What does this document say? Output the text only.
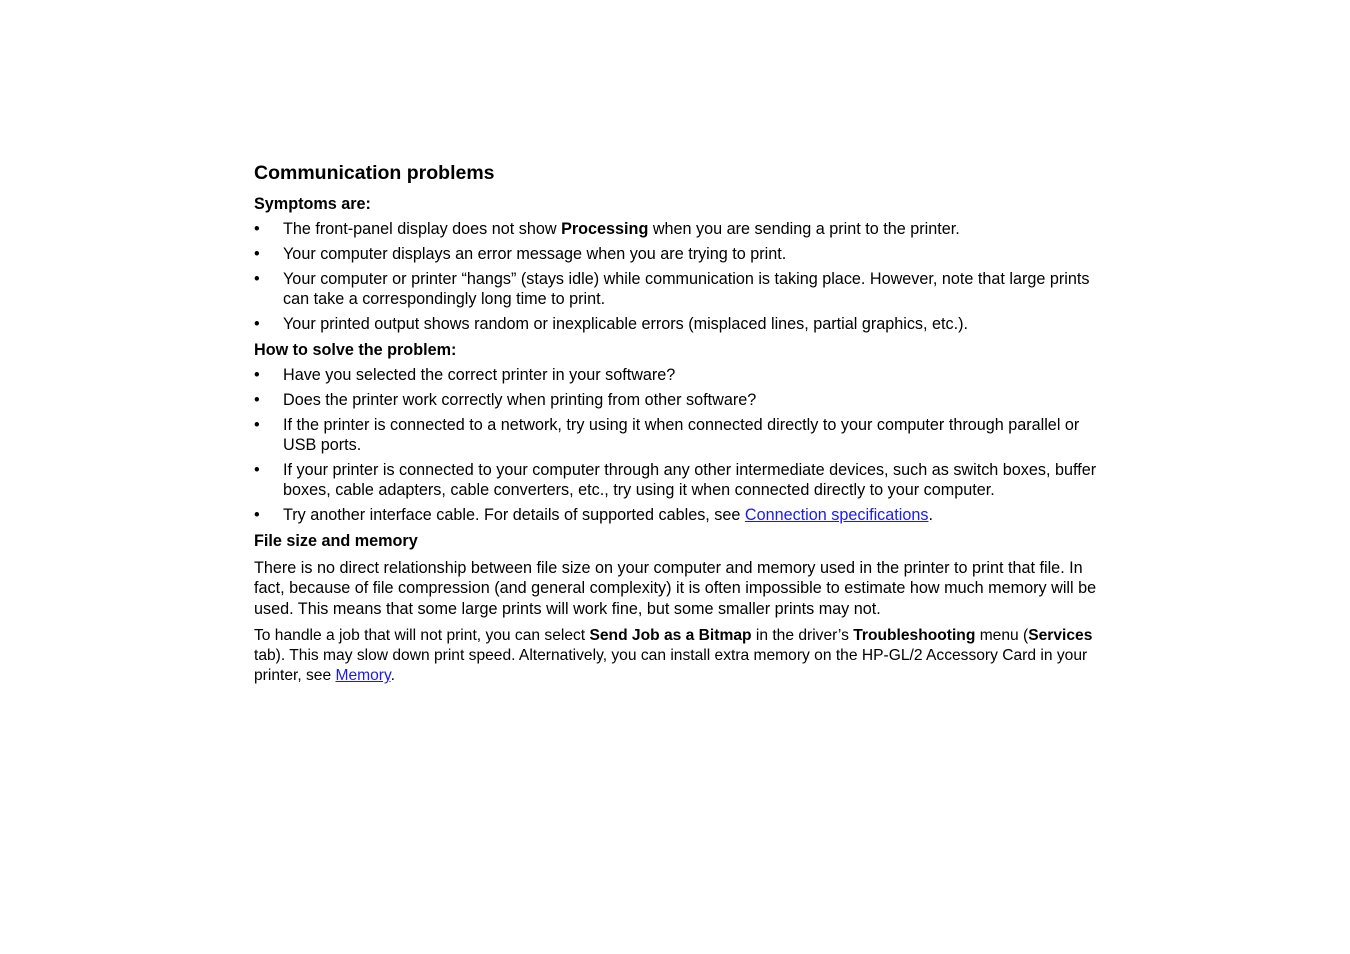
Communication problems
Symptoms are:
•	The front-panel display does not show Processing when you are sending a print to the printer.
•	Your computer displays an error message when you are trying to print.
•	Your computer or printer “hangs” (stays idle) while communication is taking place. However, note that large prints can take a correspondingly long time to print.
•	Your printed output shows random or inexplicable errors (misplaced lines, partial graphics, etc.).
How to solve the problem:
•	Have you selected the correct printer in your software?
•	Does the printer work correctly when printing from other software?
•	If the printer is connected to a network, try using it when connected directly to your computer through parallel or USB ports.
•	If your printer is connected to your computer through any other intermediate devices, such as switch boxes, buffer boxes, cable adapters, cable converters, etc., try using it when connected directly to your computer.
•	Try another interface cable. For details of supported cables, see Connection specifications.
File size and memory

There is no direct relationship between file size on your computer and memory used in the printer to print that file. In fact, because of file compression (and general complexity) it is often impossible to estimate how much memory will be used. This means that some large prints will work fine, but some smaller prints may not.

To handle a job that will not print, you can select Send Job as a Bitmap in the driver’s Troubleshooting menu (Services tab). This may slow down print speed. Alternatively, you can install extra memory on the HP-GL/2 Accessory Card in your printer, see Memory.
